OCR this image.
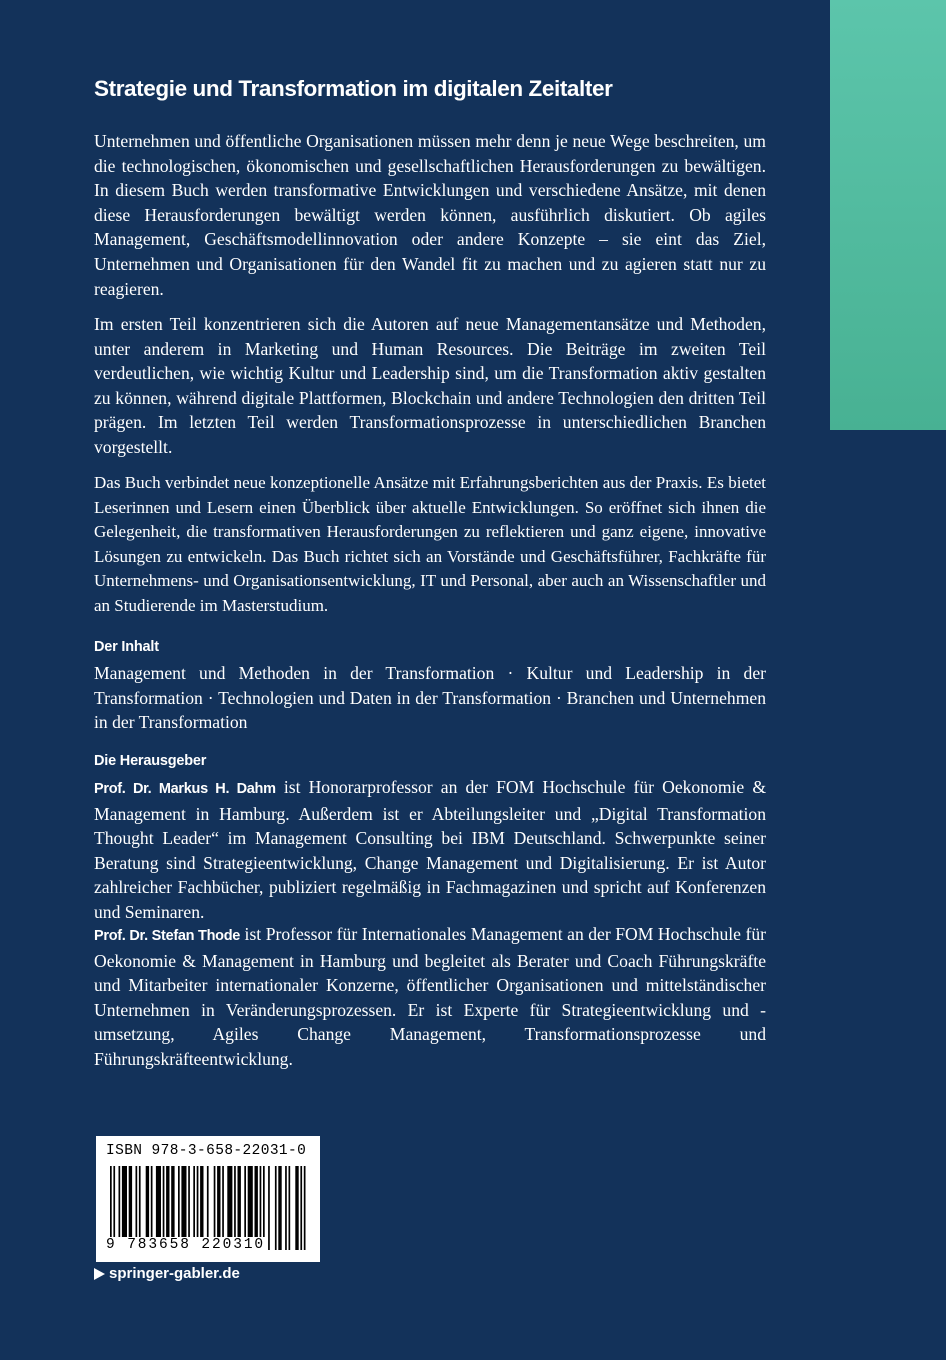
Strategie und Transformation im digitalen Zeitalter

Unternehmen und öffentliche Organisationen müssen mehr denn je neue Wege beschreiten, um die technologischen, ökonomischen und gesellschaftlichen Herausforderungen zu bewältigen. In diesem Buch werden transformative Entwicklungen und verschiedene Ansätze, mit denen diese Herausforderungen bewältigt werden können, ausführlich diskutiert. Ob agiles Management, Geschäftsmodellinnovation oder andere Konzepte – sie eint das Ziel, Unternehmen und Organisationen für den Wandel fit zu machen und zu agieren statt nur zu reagieren.

Im ersten Teil konzentrieren sich die Autoren auf neue Managementansätze und Methoden, unter anderem in Marketing und Human Resources. Die Beiträge im zweiten Teil verdeutlichen, wie wichtig Kultur und Leadership sind, um die Transformation aktiv gestalten zu können, während digitale Plattformen, Blockchain und andere Technologien den dritten Teil prägen. Im letzten Teil werden Transformationsprozesse in unterschiedlichen Branchen vorgestellt.

Das Buch verbindet neue konzeptionelle Ansätze mit Erfahrungsberichten aus der Praxis. Es bietet Leserinnen und Lesern einen Überblick über aktuelle Entwicklungen. So eröffnet sich ihnen die Gelegenheit, die transformativen Herausforderungen zu reflektieren und ganz eigene, innovative Lösungen zu entwickeln. Das Buch richtet sich an Vorstände und Geschäftsführer, Fachkräfte für Unternehmens- und Organisationsentwicklung, IT und Personal, aber auch an Wissenschaftler und an Studierende im Masterstudium.

Der Inhalt

Management und Methoden in der Transformation · Kultur und Leadership in der Transformation · Technologien und Daten in der Transformation · Branchen und Unternehmen in der Transformation

Die Herausgeber

Prof. Dr. Markus H. Dahm ist Honorarprofessor an der FOM Hochschule für Oekonomie & Management in Hamburg. Außerdem ist er Abteilungsleiter und „Digital Transformation Thought Leader“ im Management Consulting bei IBM Deutschland. Schwerpunkte seiner Beratung sind Strategieentwicklung, Change Management und Digitalisierung. Er ist Autor zahlreicher Fachbücher, publiziert regelmäßig in Fachmagazinen und spricht auf Konferenzen und Seminaren.

Prof. Dr. Stefan Thode ist Professor für Internationales Management an der FOM Hochschule für Oekonomie & Management in Hamburg und begleitet als Berater und Coach Führungskräfte und Mitarbeiter internationaler Konzerne, öffentlicher Organisationen und mittelständischer Unternehmen in Veränderungsprozessen. Er ist Experte für Strategieentwicklung und -umsetzung, Agiles Change Management, Transformationsprozesse und Führungskräfteentwicklung.

ISBN 978-3-658-22031-0
9 783658 220310
springer-gabler.de
